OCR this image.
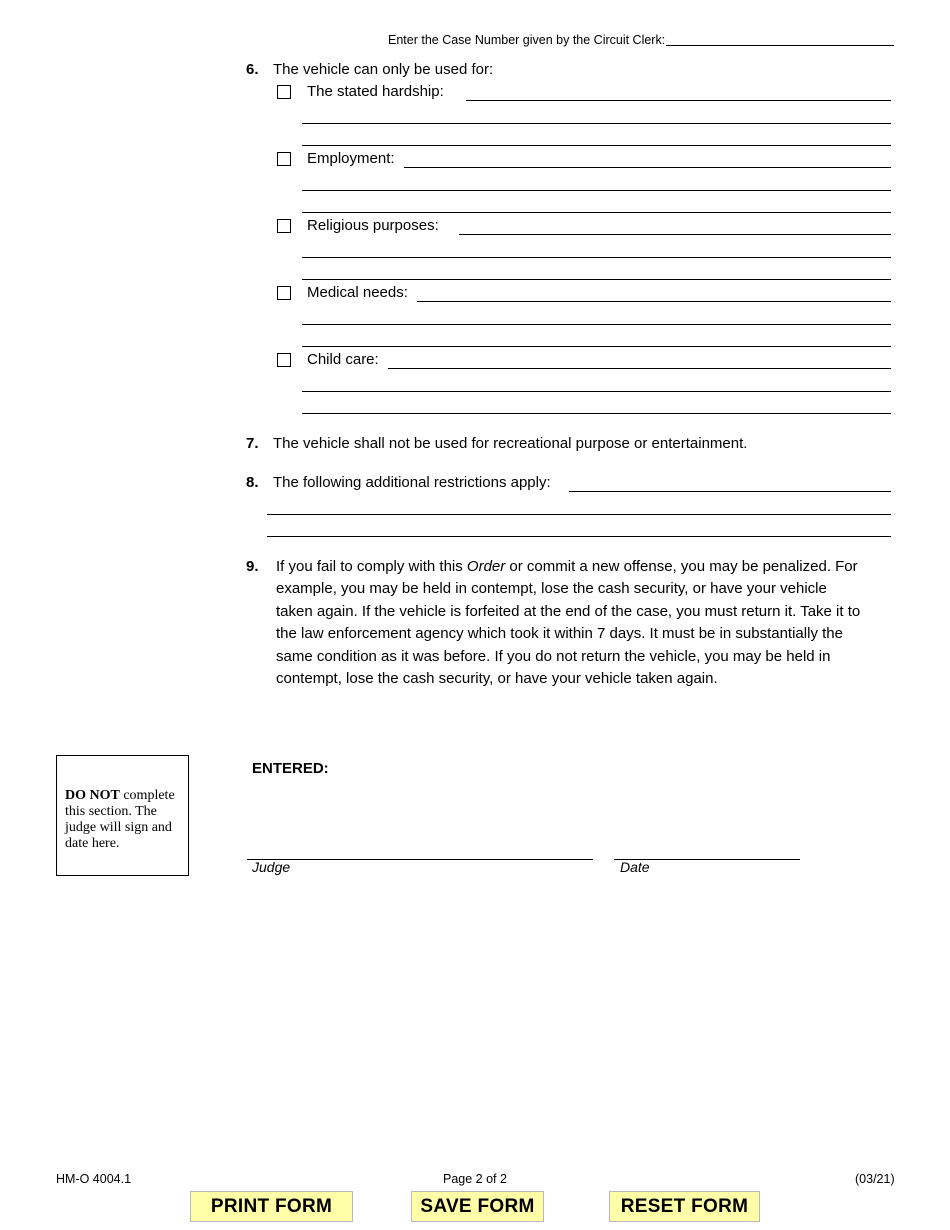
Enter the Case Number given by the Circuit Clerk:
6. The vehicle can only be used for:
The stated hardship:
Employment:
Religious purposes:
Medical needs:
Child care:
7. The vehicle shall not be used for recreational purpose or entertainment.
8. The following additional restrictions apply:
9. If you fail to comply with this Order or commit a new offense, you may be penalized. For example, you may be held in contempt, lose the cash security, or have your vehicle taken again. If the vehicle is forfeited at the end of the case, you must return it. Take it to the law enforcement agency which took it within 7 days. It must be in substantially the same condition as it was before. If you do not return the vehicle, you may be held in contempt, lose the cash security, or have your vehicle taken again.
DO NOT complete this section. The judge will sign and date here.
ENTERED:
Judge	Date
HM-O 4004.1	Page 2 of 2	(03/21)
PRINT FORM	SAVE FORM	RESET FORM
